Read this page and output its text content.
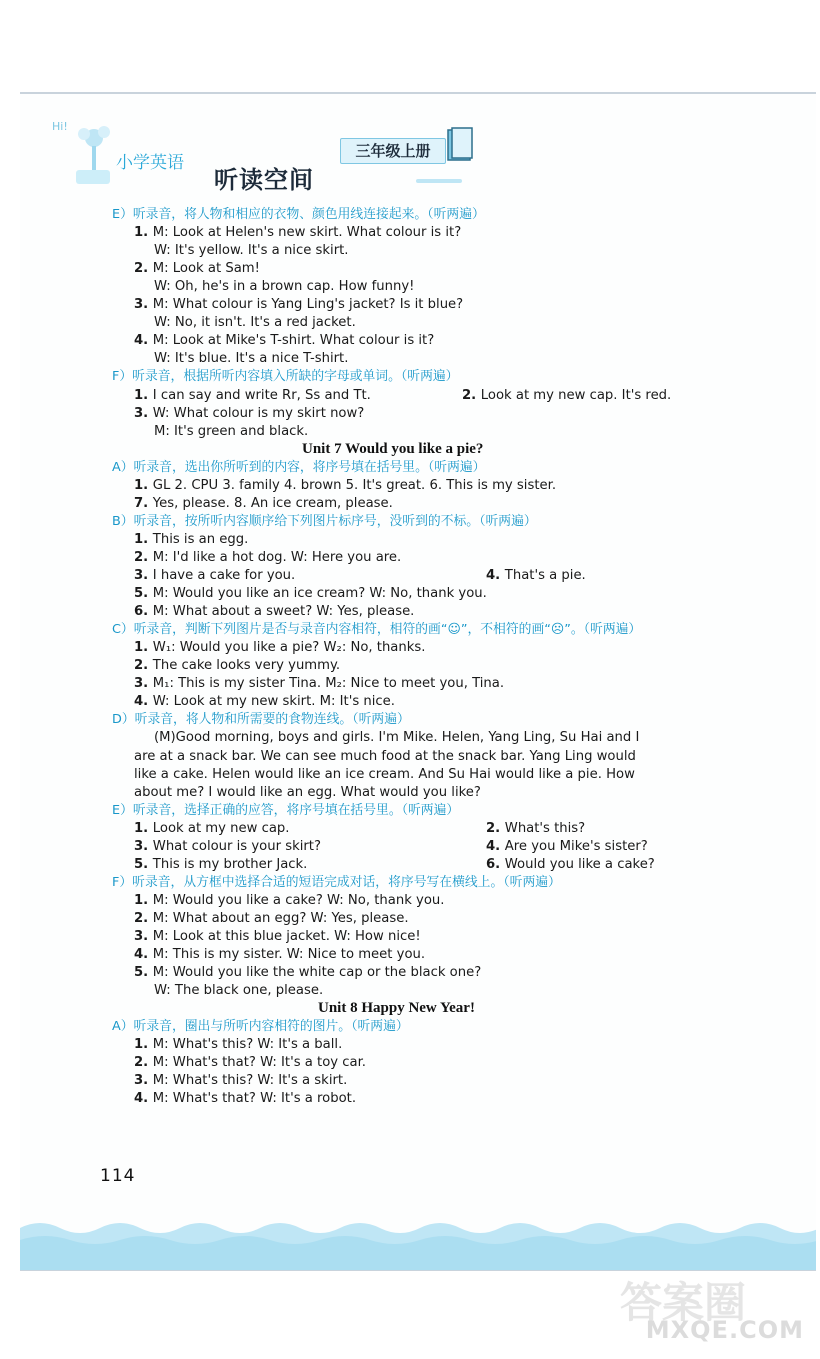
Hi!
小学英语
听读空间
三年级上册
E）听录音，将人物和相应的衣物、颜色用线连接起来。（听两遍）
1. M: Look at Helen's new skirt. What colour is it?
W: It's yellow. It's a nice skirt.
2. M: Look at Sam!
W: Oh, he's in a brown cap. How funny!
3. M: What colour is Yang Ling's jacket? Is it blue?
W: No, it isn't. It's a red jacket.
4. M: Look at Mike's T-shirt. What colour is it?
W: It's blue. It's a nice T-shirt.
F）听录音，根据所听内容填入所缺的字母或单词。（听两遍）
1. I can say and write Rr, Ss and Tt.	2. Look at my new cap. It's red.
3. W: What colour is my skirt now?
M: It's green and black.
Unit 7 Would you like a pie?
A）听录音，选出你所听到的内容，将序号填在括号里。（听两遍）
1. GL 2. CPU 3. family 4. brown 5. It's great. 6. This is my sister.
7. Yes, please. 8. An ice cream, please.
B）听录音，按所听内容顺序给下列图片标序号，没听到的不标。（听两遍）
1. This is an egg.
2. M: I'd like a hot dog. W: Here you are.
3. I have a cake for you.	4. That's a pie.
5. M: Would you like an ice cream? W: No, thank you.
6. M: What about a sweet? W: Yes, please.
C）听录音，判断下列图片是否与录音内容相符，相符的画“☺”，不相符的画“☹”。（听两遍）
1. W₁: Would you like a pie? W₂: No, thanks.
2. The cake looks very yummy.
3. M₁: This is my sister Tina. M₂: Nice to meet you, Tina.
4. W: Look at my new skirt. M: It's nice.
D）听录音，将人物和所需要的食物连线。（听两遍）
(M)Good morning, boys and girls. I'm Mike. Helen, Yang Ling, Su Hai and I
are at a snack bar. We can see much food at the snack bar. Yang Ling would
like a cake. Helen would like an ice cream. And Su Hai would like a pie. How
about me? I would like an egg. What would you like?
E）听录音，选择正确的应答，将序号填在括号里。（听两遍）
1. Look at my new cap.	2. What's this?
3. What colour is your skirt?	4. Are you Mike's sister?
5. This is my brother Jack.	6. Would you like a cake?
F）听录音，从方框中选择合适的短语完成对话，将序号写在横线上。（听两遍）
1. M: Would you like a cake? W: No, thank you.
2. M: What about an egg? W: Yes, please.
3. M: Look at this blue jacket. W: How nice!
4. M: This is my sister. W: Nice to meet you.
5. M: Would you like the white cap or the black one?
W: The black one, please.
Unit 8 Happy New Year!
A）听录音，圈出与所听内容相符的图片。（听两遍）
1. M: What's this? W: It's a ball.
2. M: What's that? W: It's a toy car.
3. M: What's this? W: It's a skirt.
4. M: What's that? W: It's a robot.
114
答案圈
MXQE.COM
